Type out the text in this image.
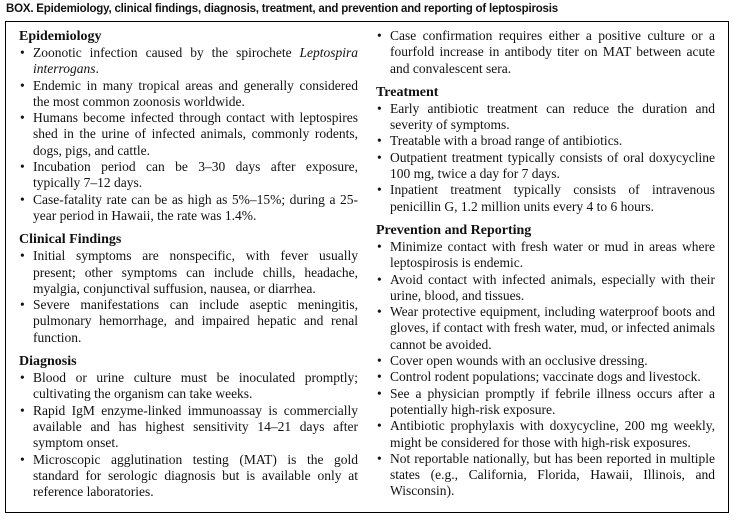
BOX. Epidemiology, clinical findings, diagnosis, treatment, and prevention and reporting of leptospirosis
Epidemiology
• Zoonotic infection caused by the spirochete Leptospira interrogans.
• Endemic in many tropical areas and generally considered the most common zoonosis worldwide.
• Humans become infected through contact with leptospires shed in the urine of infected animals, commonly rodents, dogs, pigs, and cattle.
• Incubation period can be 3–30 days after exposure, typically 7–12 days.
• Case-fatality rate can be as high as 5%–15%; during a 25-year period in Hawaii, the rate was 1.4%.
Clinical Findings
• Initial symptoms are nonspecific, with fever usually present; other symptoms can include chills, headache, myalgia, conjunctival suffusion, nausea, or diarrhea.
• Severe manifestations can include aseptic meningitis, pulmonary hemorrhage, and impaired hepatic and renal function.
Diagnosis
• Blood or urine culture must be inoculated promptly; cultivating the organism can take weeks.
• Rapid IgM enzyme-linked immunoassay is commercially available and has highest sensitivity 14–21 days after symptom onset.
• Microscopic agglutination testing (MAT) is the gold standard for serologic diagnosis but is available only at reference laboratories.
• Case confirmation requires either a positive culture or a fourfold increase in antibody titer on MAT between acute and convalescent sera.
Treatment
• Early antibiotic treatment can reduce the duration and severity of symptoms.
• Treatable with a broad range of antibiotics.
• Outpatient treatment typically consists of oral doxycycline 100 mg, twice a day for 7 days.
• Inpatient treatment typically consists of intravenous penicillin G, 1.2 million units every 4 to 6 hours.
Prevention and Reporting
• Minimize contact with fresh water or mud in areas where leptospirosis is endemic.
• Avoid contact with infected animals, especially with their urine, blood, and tissues.
• Wear protective equipment, including waterproof boots and gloves, if contact with fresh water, mud, or infected animals cannot be avoided.
• Cover open wounds with an occlusive dressing.
• Control rodent populations; vaccinate dogs and livestock.
• See a physician promptly if febrile illness occurs after a potentially high-risk exposure.
• Antibiotic prophylaxis with doxycycline, 200 mg weekly, might be considered for those with high-risk exposures.
• Not reportable nationally, but has been reported in multiple states (e.g., California, Florida, Hawaii, Illinois, and Wisconsin).
